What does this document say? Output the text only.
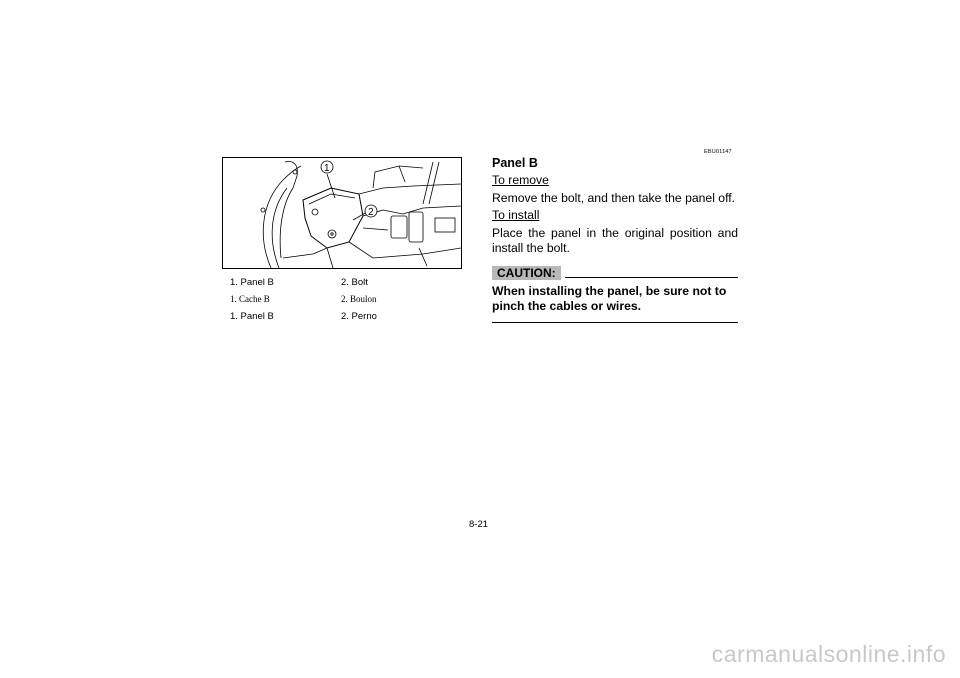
1
2
1. Panel B	2. Bolt
1. Cache B	2. Boulon
1. Panel B	2. Perno
EBU01147
Panel B
To remove

Remove the bolt, and then take the panel off.

To install

Place the panel in the original position and install the bolt.

CAUTION:
When installing the panel, be sure not to pinch the cables or wires.
8-21
carmanualsonline.info
